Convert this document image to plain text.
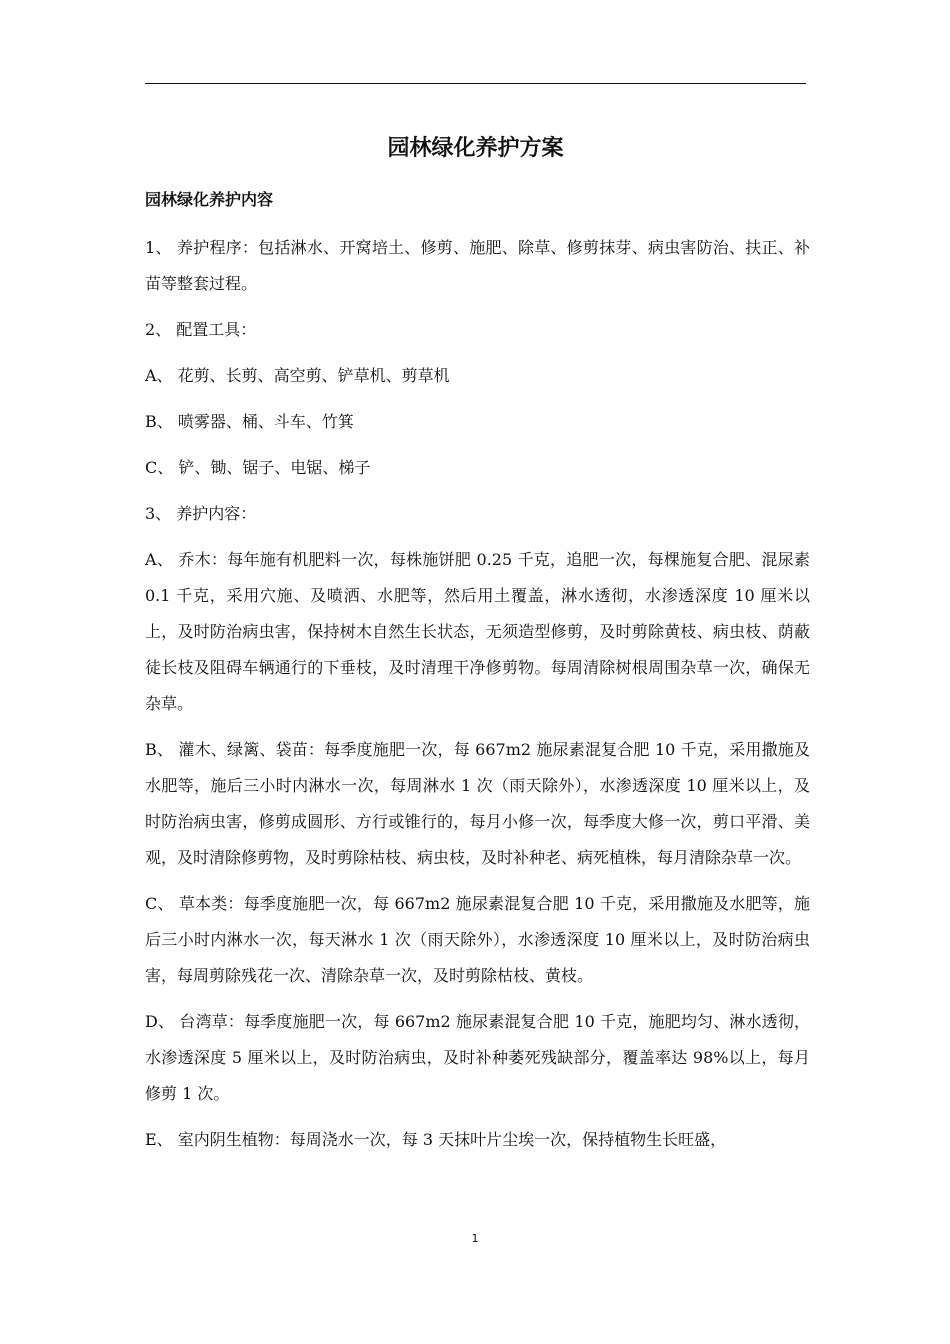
园林绿化养护方案
园林绿化养护内容

1、 养护程序：包括淋水、开窝培土、修剪、施肥、除草、修剪抹芽、病虫害防治、扶正、补苗等整套过程。

2、 配置工具：

A、 花剪、长剪、高空剪、铲草机、剪草机

B、 喷雾器、桶、斗车、竹箕

C、 铲、锄、锯子、电锯、梯子

3、 养护内容：

A、 乔木：每年施有机肥料一次，每株施饼肥 0.25 千克，追肥一次，每棵施复合肥、混尿素 0.1 千克，采用穴施、及喷洒、水肥等，然后用土覆盖，淋水透彻，水渗透深度 10 厘米以上，及时防治病虫害，保持树木自然生长状态，无须造型修剪，及时剪除黄枝、病虫枝、荫蔽徒长枝及阻碍车辆通行的下垂枝，及时清理干净修剪物。每周清除树根周围杂草一次，确保无杂草。

B、 灌木、绿篱、袋苗：每季度施肥一次，每 667m2 施尿素混复合肥 10 千克，采用撒施及水肥等，施后三小时内淋水一次，每周淋水 1 次（雨天除外），水渗透深度 10 厘米以上，及时防治病虫害，修剪成圆形、方行或锥行的，每月小修一次，每季度大修一次，剪口平滑、美观，及时清除修剪物，及时剪除枯枝、病虫枝，及时补种老、病死植株，每月清除杂草一次。

C、 草本类：每季度施肥一次，每 667m2 施尿素混复合肥 10 千克，采用撒施及水肥等，施后三小时内淋水一次，每天淋水 1 次（雨天除外），水渗透深度 10 厘米以上，及时防治病虫害，每周剪除残花一次、清除杂草一次，及时剪除枯枝、黄枝。

D、 台湾草：每季度施肥一次，每 667m2 施尿素混复合肥 10 千克，施肥均匀、淋水透彻，水渗透深度 5 厘米以上，及时防治病虫，及时补种萎死残缺部分，覆盖率达 98%以上，每月修剪 1 次。

E、 室内阴生植物：每周浇水一次，每 3 天抹叶片尘埃一次，保持植物生长旺盛，

1
